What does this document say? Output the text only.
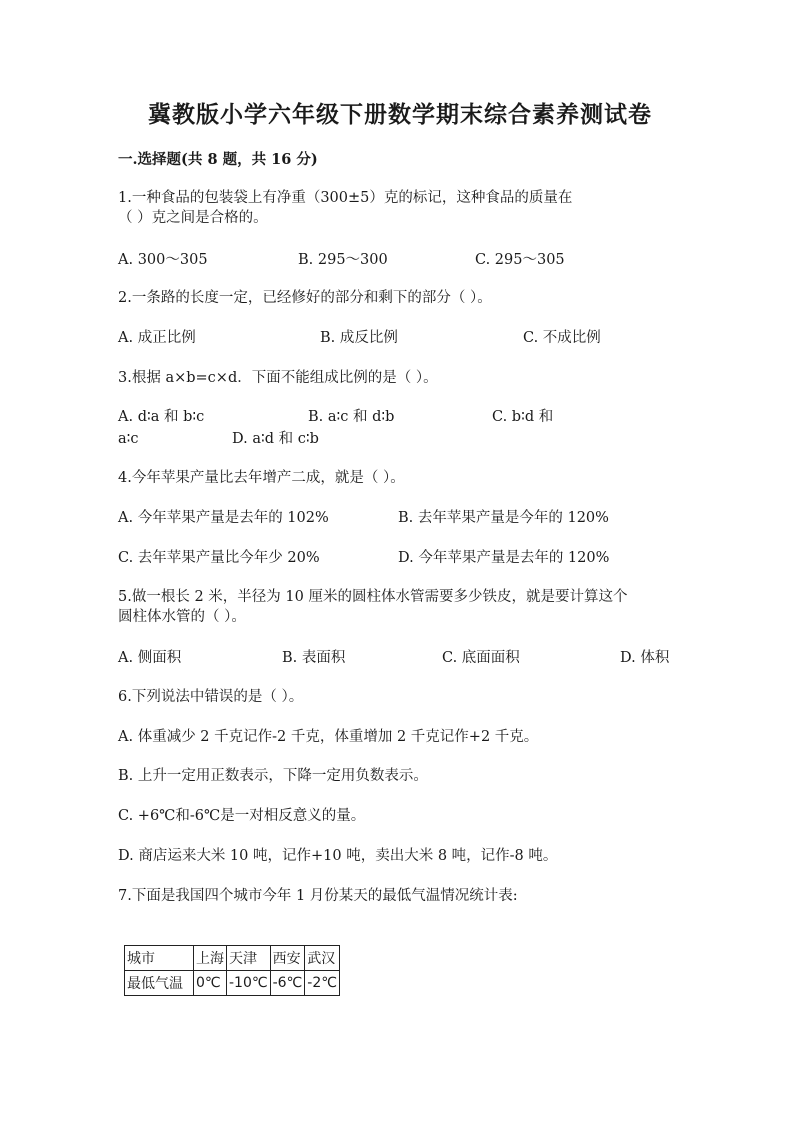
冀教版小学六年级下册数学期末综合素养测试卷
一.选择题(共 8 题，共 16 分)
1.一种食品的包装袋上有净重（300±5）克的标记，这种食品的质量在
（ ）克之间是合格的。
A. 300～305	B. 295～300	C. 295～305
2.一条路的长度一定，已经修好的部分和剩下的部分（ ）。
A. 成正比例	B. 成反比例	C. 不成比例
3.根据 a×b=c×d．下面不能组成比例的是（ ）。
A. d∶a 和 b∶c	B. a∶c 和 d∶b	C. b∶d 和
a∶c	D. a∶d 和 c∶b
4.今年苹果产量比去年增产二成，就是（ ）。
A. 今年苹果产量是去年的 102%	B. 去年苹果产量是今年的 120%
C. 去年苹果产量比今年少 20%	D. 今年苹果产量是去年的 120%
5.做一根长 2 米，半径为 10 厘米的圆柱体水管需要多少铁皮，就是要计算这个
圆柱体水管的（ ）。
A. 侧面积	B. 表面积	C. 底面面积	D. 体积
6.下列说法中错误的是（ ）。
A. 体重减少 2 千克记作-2 千克，体重增加 2 千克记作+2 千克。
B. 上升一定用正数表示，下降一定用负数表示。
C. +6℃和-6℃是一对相反意义的量。
D. 商店运来大米 10 吨，记作+10 吨，卖出大米 8 吨，记作-8 吨。
7.下面是我国四个城市今年 1 月份某天的最低气温情况统计表:
城市	上海	天津	西安	武汉
最低气温	0℃	-10℃	-6℃	-2℃
